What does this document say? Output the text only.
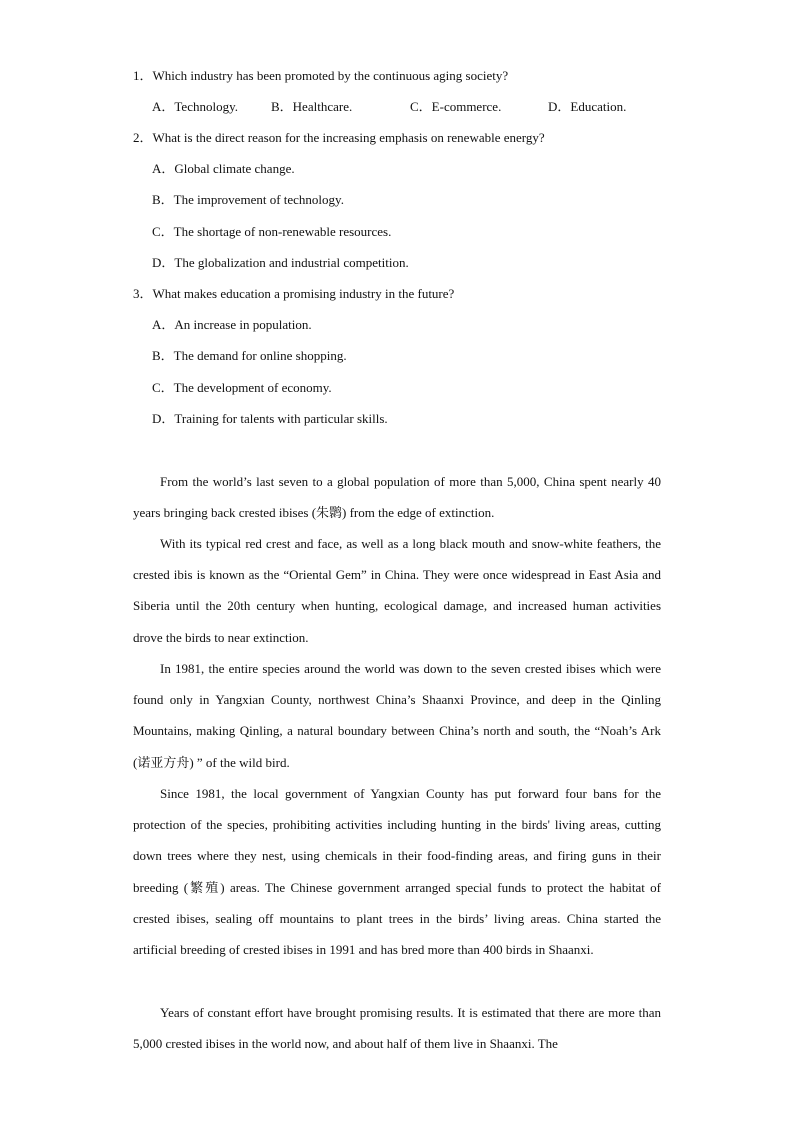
1．Which industry has been promoted by the continuous aging society?
A．Technology.	B．Healthcare.	C．E-commerce.	D．Education.
2．What is the direct reason for the increasing emphasis on renewable energy?
A．Global climate change.
B．The improvement of technology.
C．The shortage of non-renewable resources.
D．The globalization and industrial competition.
3．What makes education a promising industry in the future?
A．An increase in population.
B．The demand for online shopping.
C．The development of economy.
D．Training for talents with particular skills.

From the world’s last seven to a global population of more than 5,000, China spent nearly 40 years bringing back crested ibises (朱鹮) from the edge of extinction.

With its typical red crest and face, as well as a long black mouth and snow-white feathers, the crested ibis is known as the “Oriental Gem” in China. They were once widespread in East Asia and Siberia until the 20th century when hunting, ecological damage, and increased human activities drove the birds to near extinction.

In 1981, the entire species around the world was down to the seven crested ibises which were found only in Yangxian County, northwest China’s Shaanxi Province, and deep in the Qinling Mountains, making Qinling, a natural boundary between China’s north and south, the “Noah’s Ark (诺亚方舟) ” of the wild bird.

Since 1981, the local government of Yangxian County has put forward four bans for the protection of the species, prohibiting activities including hunting in the birds' living areas, cutting down trees where they nest, using chemicals in their food-finding areas, and firing guns in their breeding (繁殖) areas. The Chinese government arranged special funds to protect the habitat of crested ibises, sealing off mountains to plant trees in the birds’ living areas. China started the artificial breeding of crested ibises in 1991 and has bred more than 400 birds in Shaanxi.

Years of constant effort have brought promising results. It is estimated that there are more than 5,000 crested ibises in the world now, and about half of them live in Shaanxi. The
